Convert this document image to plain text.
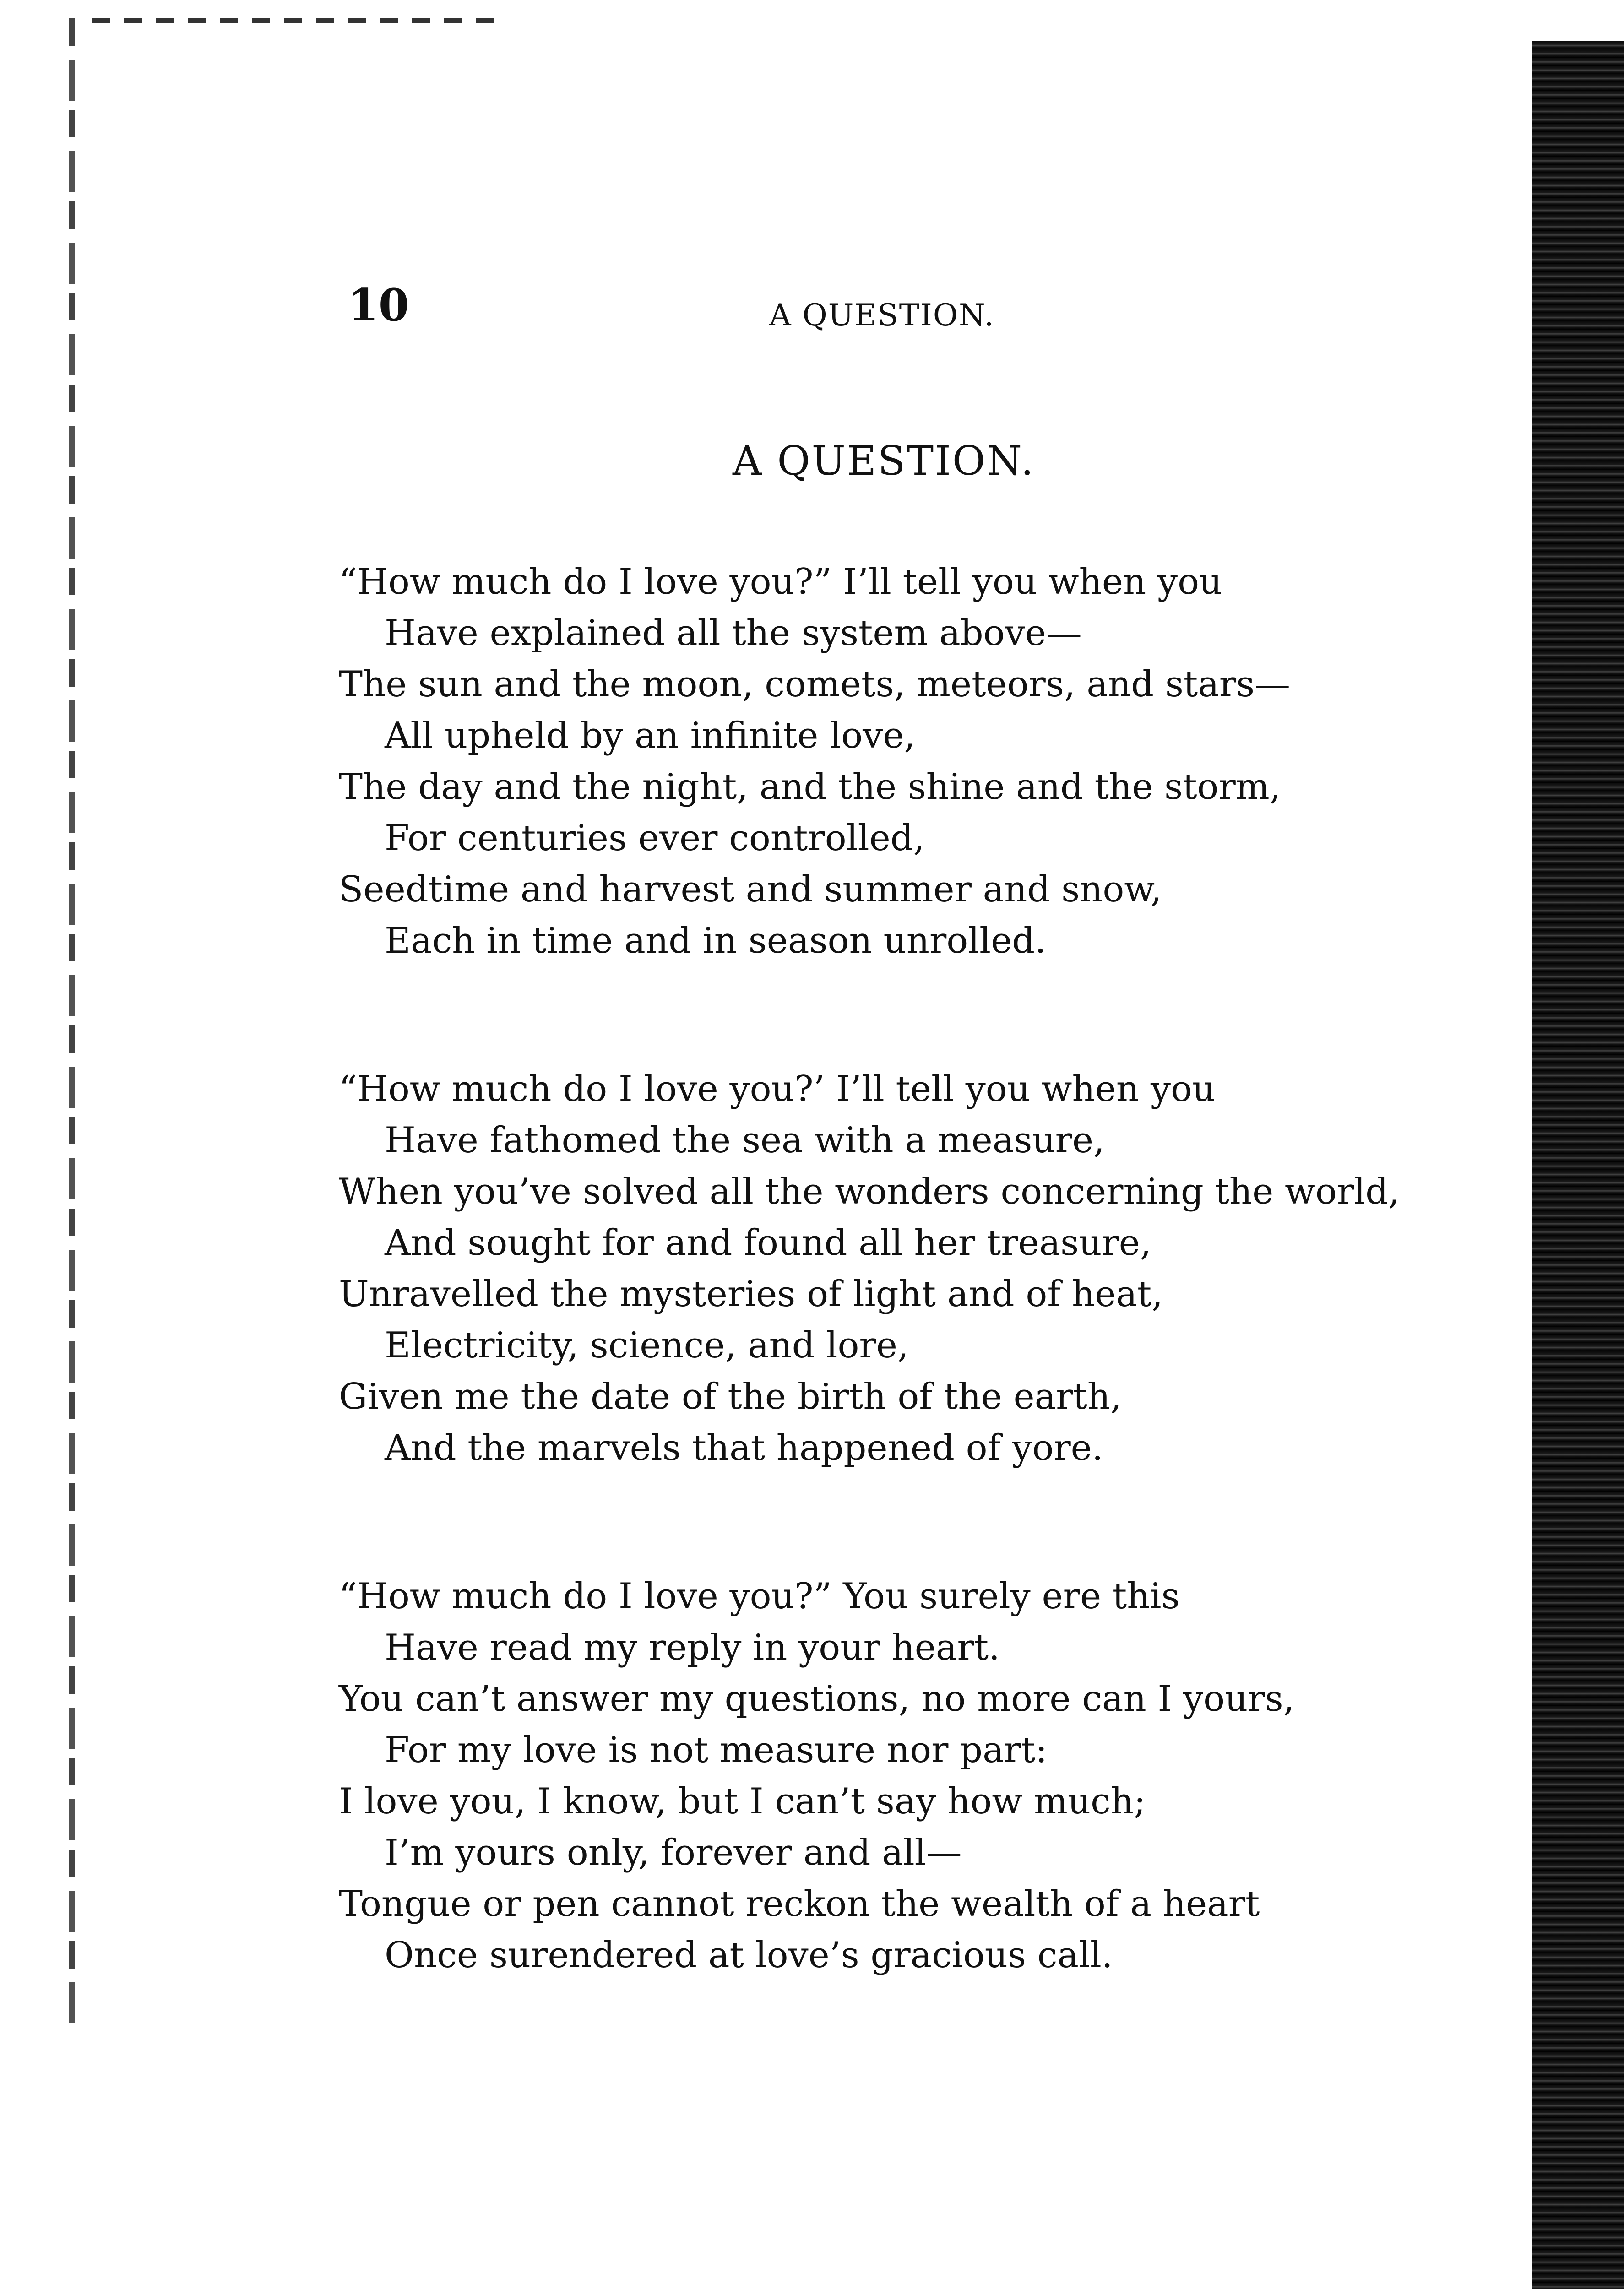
10	A QUESTION.
A QUESTION.
“How much do I love you?” I’ll tell you when you
Have explained all the system above—
The sun and the moon, comets, meteors, and stars—
All upheld by an infinite love,
The day and the night, and the shine and the storm,
For centuries ever controlled,
Seedtime and harvest and summer and snow,
Each in time and in season unrolled.
“How much do I love you?’ I’ll tell you when you
Have fathomed the sea with a measure,
When you’ve solved all the wonders concerning the world,
And sought for and found all her treasure,
Unravelled the mysteries of light and of heat,
Electricity, science, and lore,
Given me the date of the birth of the earth,
And the marvels that happened of yore.
“How much do I love you?” You surely ere this
Have read my reply in your heart.
You can’t answer my questions, no more can I yours,
For my love is not measure nor part:
I love you, I know, but I can’t say how much;
I’m yours only, forever and all—
Tongue or pen cannot reckon the wealth of a heart
Once surendered at love’s gracious call.
